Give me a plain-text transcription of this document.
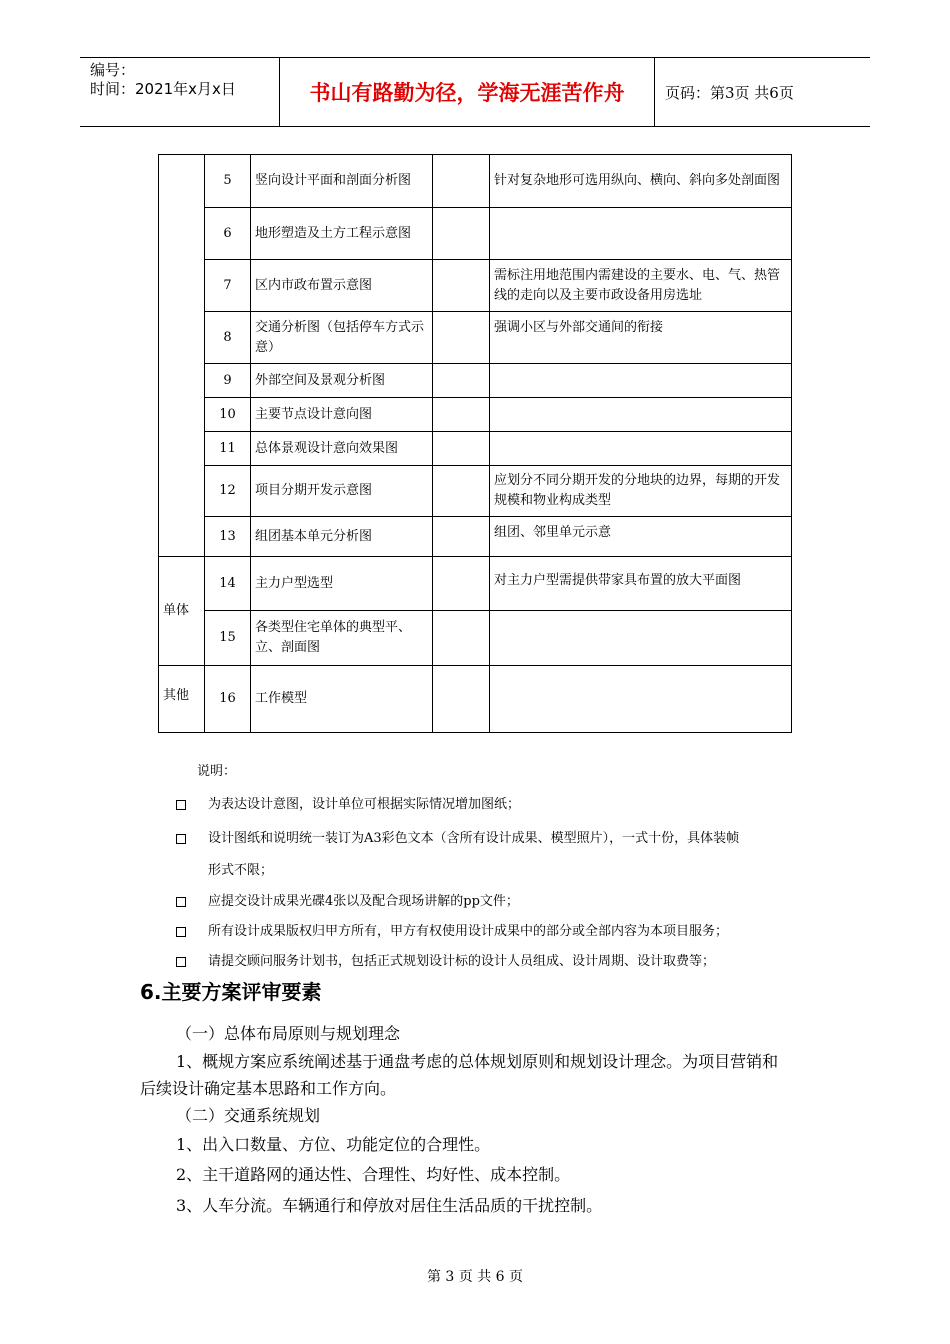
编号：
时间：2021年x月x日	书山有路勤为径，学海无涯苦作舟	页码：第3页 共6页
	5	竖向设计平面和剖面分析图		针对复杂地形可选用纵向、横向、斜向多处剖面图
	6	地形塑造及土方工程示意图		
	7	区内市政布置示意图		需标注用地范围内需建设的主要水、电、气、热管线的走向以及主要市政设备用房选址
	8	交通分析图（包括停车方式示意）		强调小区与外部交通间的衔接
	9	外部空间及景观分析图		
	10	主要节点设计意向图		
	11	总体景观设计意向效果图		
	12	项目分期开发示意图		应划分不同分期开发的分地块的边界，每期的开发规模和物业构成类型
	13	组团基本单元分析图		组团、邻里单元示意
单体	14	主力户型选型		对主力户型需提供带家具布置的放大平面图
	15	各类型住宅单体的典型平、立、剖面图		
其他	16	工作模型		
说明：
为表达设计意图，设计单位可根据实际情况增加图纸；
设计图纸和说明统一装订为A3彩色文本（含所有设计成果、模型照片），一式十份，具体装帧
形式不限；
应提交设计成果光碟4张以及配合现场讲解的pp文件；
所有设计成果版权归甲方所有，甲方有权使用设计成果中的部分或全部内容为本项目服务；
请提交顾问服务计划书，包括正式规划设计标的设计人员组成、设计周期、设计取费等；
6.主要方案评审要素
（一）总体布局原则与规划理念
1、概规方案应系统阐述基于通盘考虑的总体规划原则和规划设计理念。为项目营销和
后续设计确定基本思路和工作方向。
（二）交通系统规划
1、出入口数量、方位、功能定位的合理性。
2、主干道路网的通达性、合理性、均好性、成本控制。
3、人车分流。车辆通行和停放对居住生活品质的干扰控制。
第 3 页 共 6 页
